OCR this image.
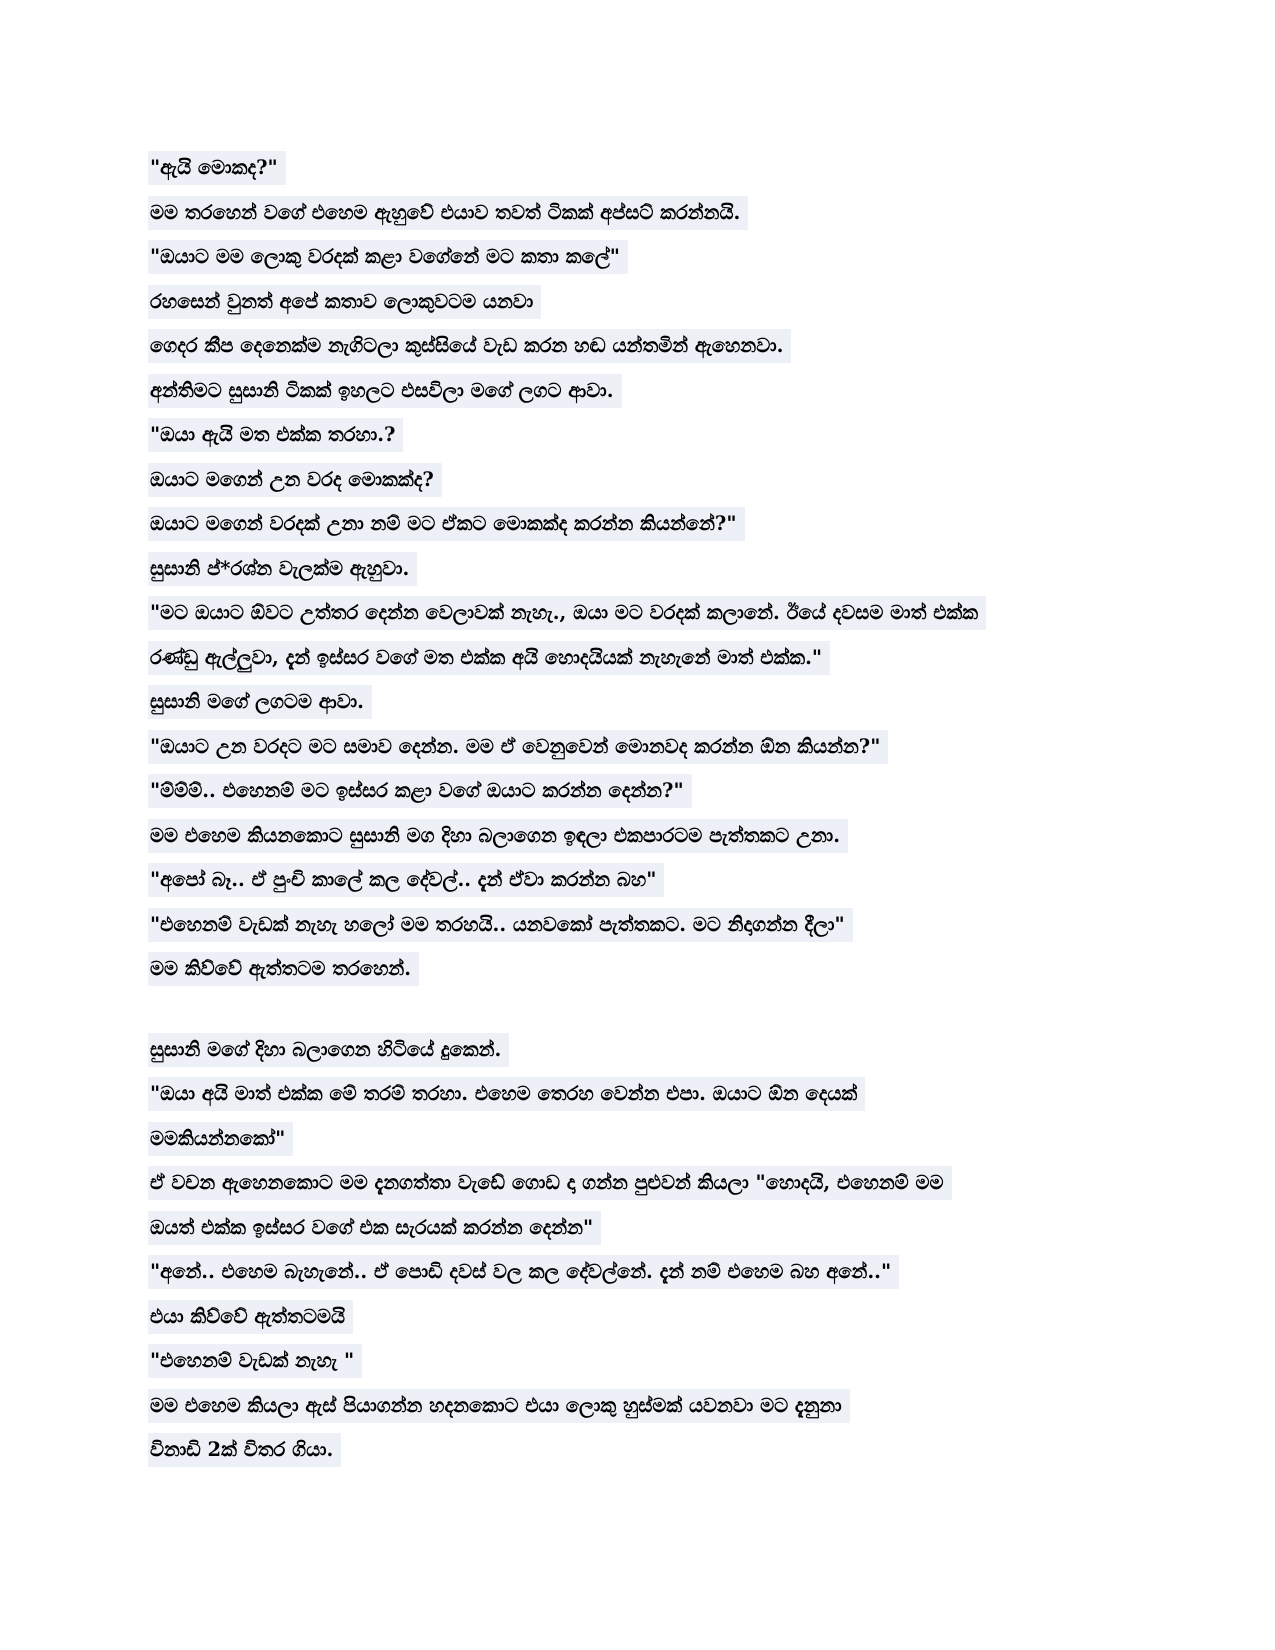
"ඇයි මොකද?"
මම තරහෙන් වගේ එහෙම ඇහුවේ එයාව තවත් ටිකක් අප්සට් කරන්නයි.
"ඔයාට මම ලොකු වරදක් කළා වගේනේ මට කතා කලේ"
රහසෙන් වුනත් අපේ කතාව ලොකුවටම යනවා
ගෙදර කීප දෙනෙක්ම නැගිටලා කුස්සියේ වැඩ කරන හඬ යන්තමින් ඇහෙනවා.
අන්තිමට සුසානි ටිකක් ඉහලට එසවිලා මගේ ලගට ආවා.
"ඔයා ඇයි මත එක්ක තරහා.?
ඔයාට මගෙන් උන වරද මොකක්ද?
ඔයාට මගෙන් වරදක් උනා නම් මට ඒකට මොකක්ද කරන්න කියන්නේ?"
සුසානි ප්*රශ්න වැලක්ම ඇහුවා.
"මට ඔයාට ඕවට උත්තර දෙන්න වෙලාවක් නැහැ., ඔයා මට වරදක් කලානේ. ඊයේ දවසම මාත් එක්ක
රණ්ඩු ඇල්ලුවා, දැන් ඉස්සර වගේ මත එක්ක අයි හොදයියක් නැහැනේ මාත් එක්ක."
සුසානි මගේ ලගටම ආවා.
"ඔයාට උන වරදට මට සමාව දෙන්න. මම ඒ වෙනුවෙන් මොනවද කරන්න ඕන කියන්න?"
"ම්ම්ම්.. එහෙනම් මට ඉස්සර කළා වගේ ඔයාට කරන්න දෙන්න?"
මම එහෙම කියනකොට සුසානි මග දිහා බලාගෙන ඉඳලා එකපාරටම පැත්තකට උනා.
"අපෝ බෑ.. ඒ පුංචි කාලේ කල දේවල්.. දැන් ඒවා කරන්න බහ"
"එහෙනම් වැඩක් නැහැ හලෝ මම තරහයි.. යනවකෝ පැත්තකට. මට නිදාගන්න දීලා"
මම කිව්වේ ඇත්තටම තරහෙන්.
සුසානි මගේ දිහා බලාගෙන හිටියේ දුකෙන්.
"ඔයා අයි මාත් එක්ක මේ තරම් තරහා. එහෙම තෙරහ වෙන්න එපා. ඔයාට ඕන දෙයක්
මමකියන්නකෝ"
ඒ වචන ඇහෙනකොට මම දැනගත්තා වැඩේ ගොඩ දා ගන්න පුළුවන් කියලා "හොදයි, එහෙනම් මම
ඔයත් එක්ක ඉස්සර වගේ එක සැරයක් කරන්න දෙන්න"
"අනේ.. එහෙම බැහැනේ.. ඒ පොඩි දවස් වල කල දේවල්නේ. දැන් නම් එහෙම බහ අනේ.."
එයා කිව්වේ ඇත්තටමයි
"එහෙනම් වැඩක් නැහැ "
මම එහෙම කියලා ඇස් පියාගන්න හදනකොට එයා ලොකු හුස්මක් යවනවා මට දැනුනා
විනාඩි 2ක් විතර ගියා.
